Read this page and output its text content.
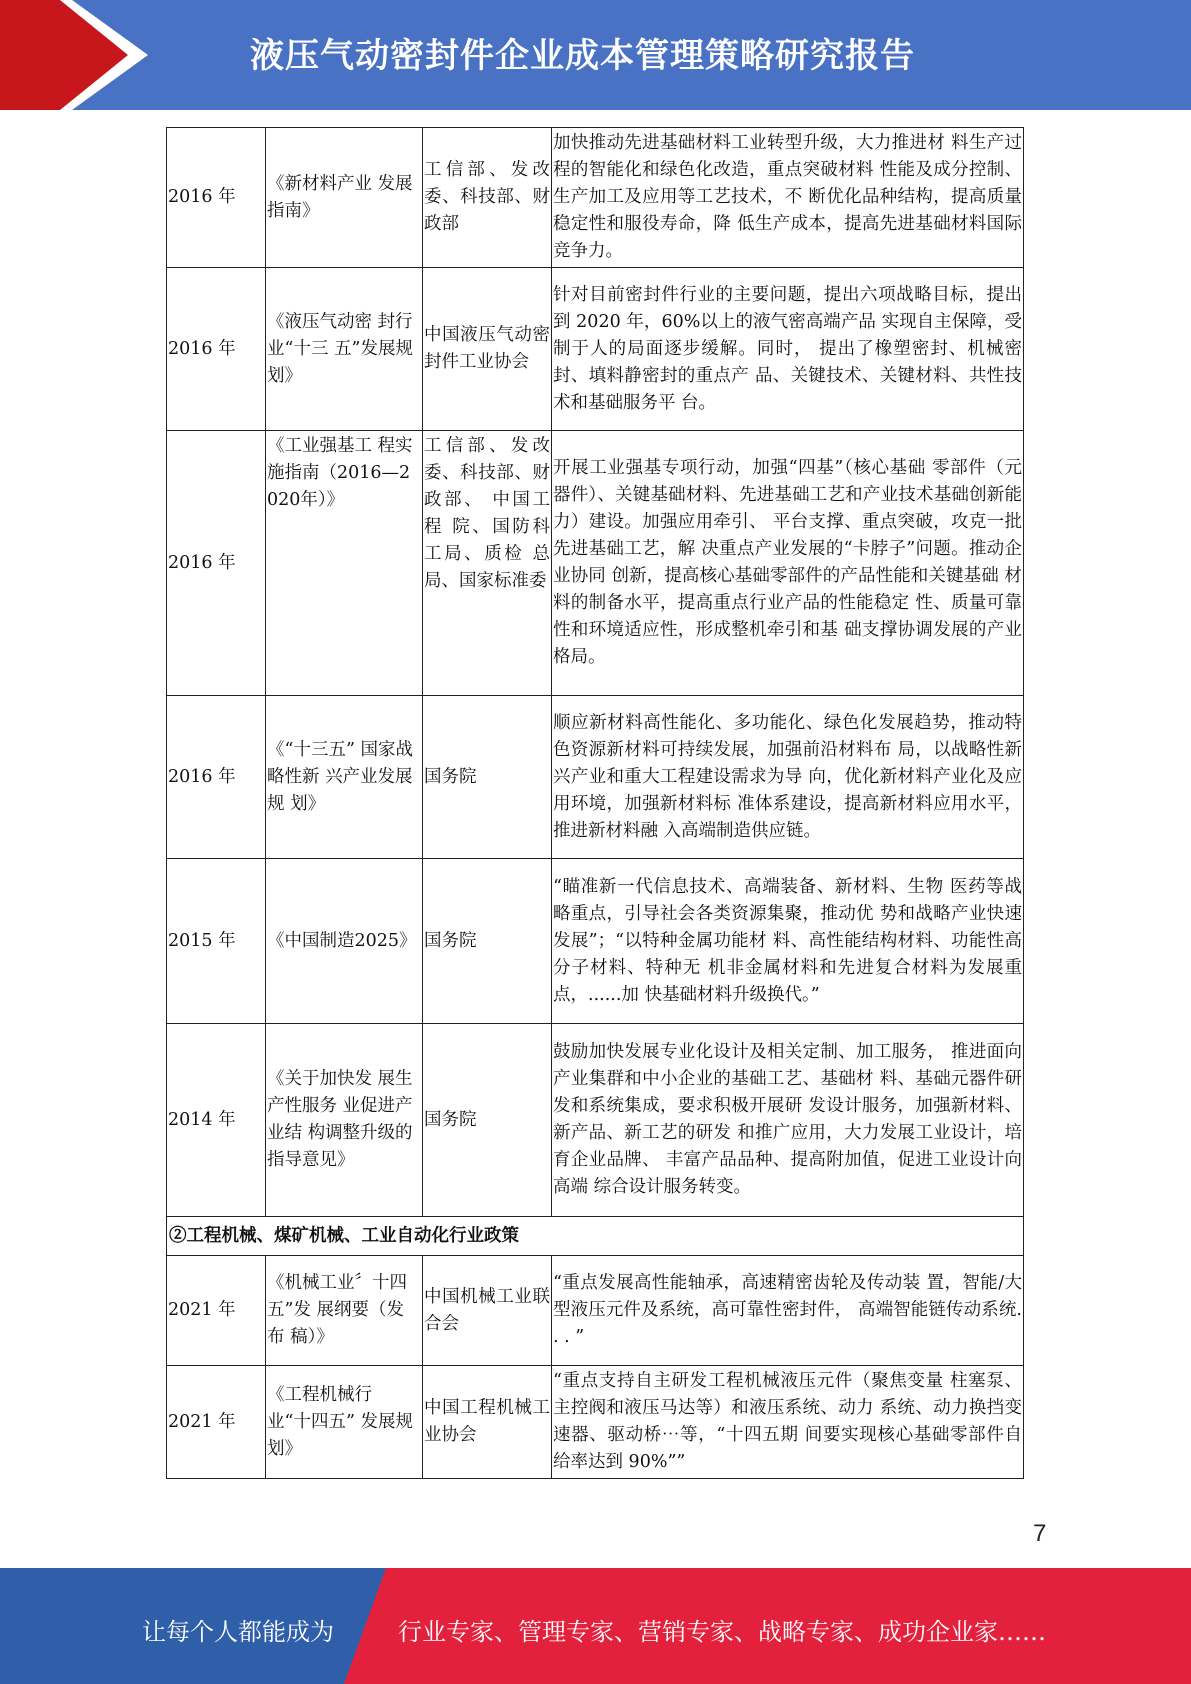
液压气动密封件企业成本管理策略研究报告
2016 年	《新材料产业 发展指南》	工信部、发改委、科技部、财政部	加快推动先进基础材料工业转型升级，大力推进材 料生产过程的智能化和绿色化改造，重点突破材料 性能及成分控制、生产加工及应用等工艺技术，不 断优化品种结构，提高质量稳定性和服役寿命，降 低生产成本，提高先进基础材料国际竞争力。
2016 年	《液压气动密 封行业“十三 五”发展规 划》	中国液压气动密封件工业协会	针对目前密封件行业的主要问题，提出六项战略目标，提出到 2020 年，60%以上的液气密高端产品 实现自主保障，受制于人的局面逐步缓解。同时， 提出了橡塑密封、机械密封、填料静密封的重点产 品、关键技术、关键材料、共性技术和基础服务平 台。
2016 年	《工业强基工 程实施指南（2016—2020年）》	工信部、发改委、科技部、财政部、 中国工程 院、国防科 工局、质检 总局、国家标准委	开展工业强基专项行动，加强“四基”（核心基础 零部件（元器件）、关键基础材料、先进基础工艺和产业技术基础创新能力）建设。加强应用牵引、 平台支撑、重点突破，攻克一批先进基础工艺，解 决重点产业发展的“卡脖子”问题。推动企业协同 创新，提高核心基础零部件的产品性能和关键基础 材料的制备水平，提高重点行业产品的性能稳定 性、质量可靠性和环境适应性，形成整机牵引和基 础支撑协调发展的产业格局。
2016 年	《“十三五” 国家战略性新 兴产业发展规 划》	国务院	顺应新材料高性能化、多功能化、绿色化发展趋势，推动特色资源新材料可持续发展，加强前沿材料布 局，以战略性新兴产业和重大工程建设需求为导 向，优化新材料产业化及应用环境，加强新材料标 准体系建设，提高新材料应用水平，推进新材料融 入高端制造供应链。
2015 年	《中国制造2025》	国务院	“瞄准新一代信息技术、高端装备、新材料、生物 医药等战略重点，引导社会各类资源集聚，推动优 势和战略产业快速发展”；“以特种金属功能材 料、高性能结构材料、功能性高分子材料、特种无 机非金属材料和先进复合材料为发展重点，......加 快基础材料升级换代。”
2014 年	《关于加快发 展生产性服务 业促进产业结 构调整升级的 指导意见》	国务院	鼓励加快发展专业化设计及相关定制、加工服务， 推进面向产业集群和中小企业的基础工艺、基础材 料、基础元器件研发和系统集成，要求积极开展研 发设计服务，加强新材料、新产品、新工艺的研发 和推广应用，大力发展工业设计，培育企业品牌、 丰富产品品种、提高附加值，促进工业设计向高端 综合设计服务转变。
②工程机械、煤矿机械、工业自动化行业政策			
2021 年	《机械工业〞十四五”发 展纲要（发布 稿）》	中国机械工业联合会	“重点发展高性能轴承，高速精密齿轮及传动装 置，智能/大型液压元件及系统，高可靠性密封件， 高端智能链传动系统. . . ”
2021 年	《工程机械行 业“十四五” 发展规划》	中国工程机械工业协会	“重点支持自主研发工程机械液压元件（聚焦变量 柱塞泵、主控阀和液压马达等）和液压系统、动力 系统、动力换挡变速器、驱动桥⋯等，“十四五期 间要实现核心基础零部件自给率达到 90%””
7
让每个人都能成为	行业专家、管理专家、营销专家、战略专家、成功企业家……
